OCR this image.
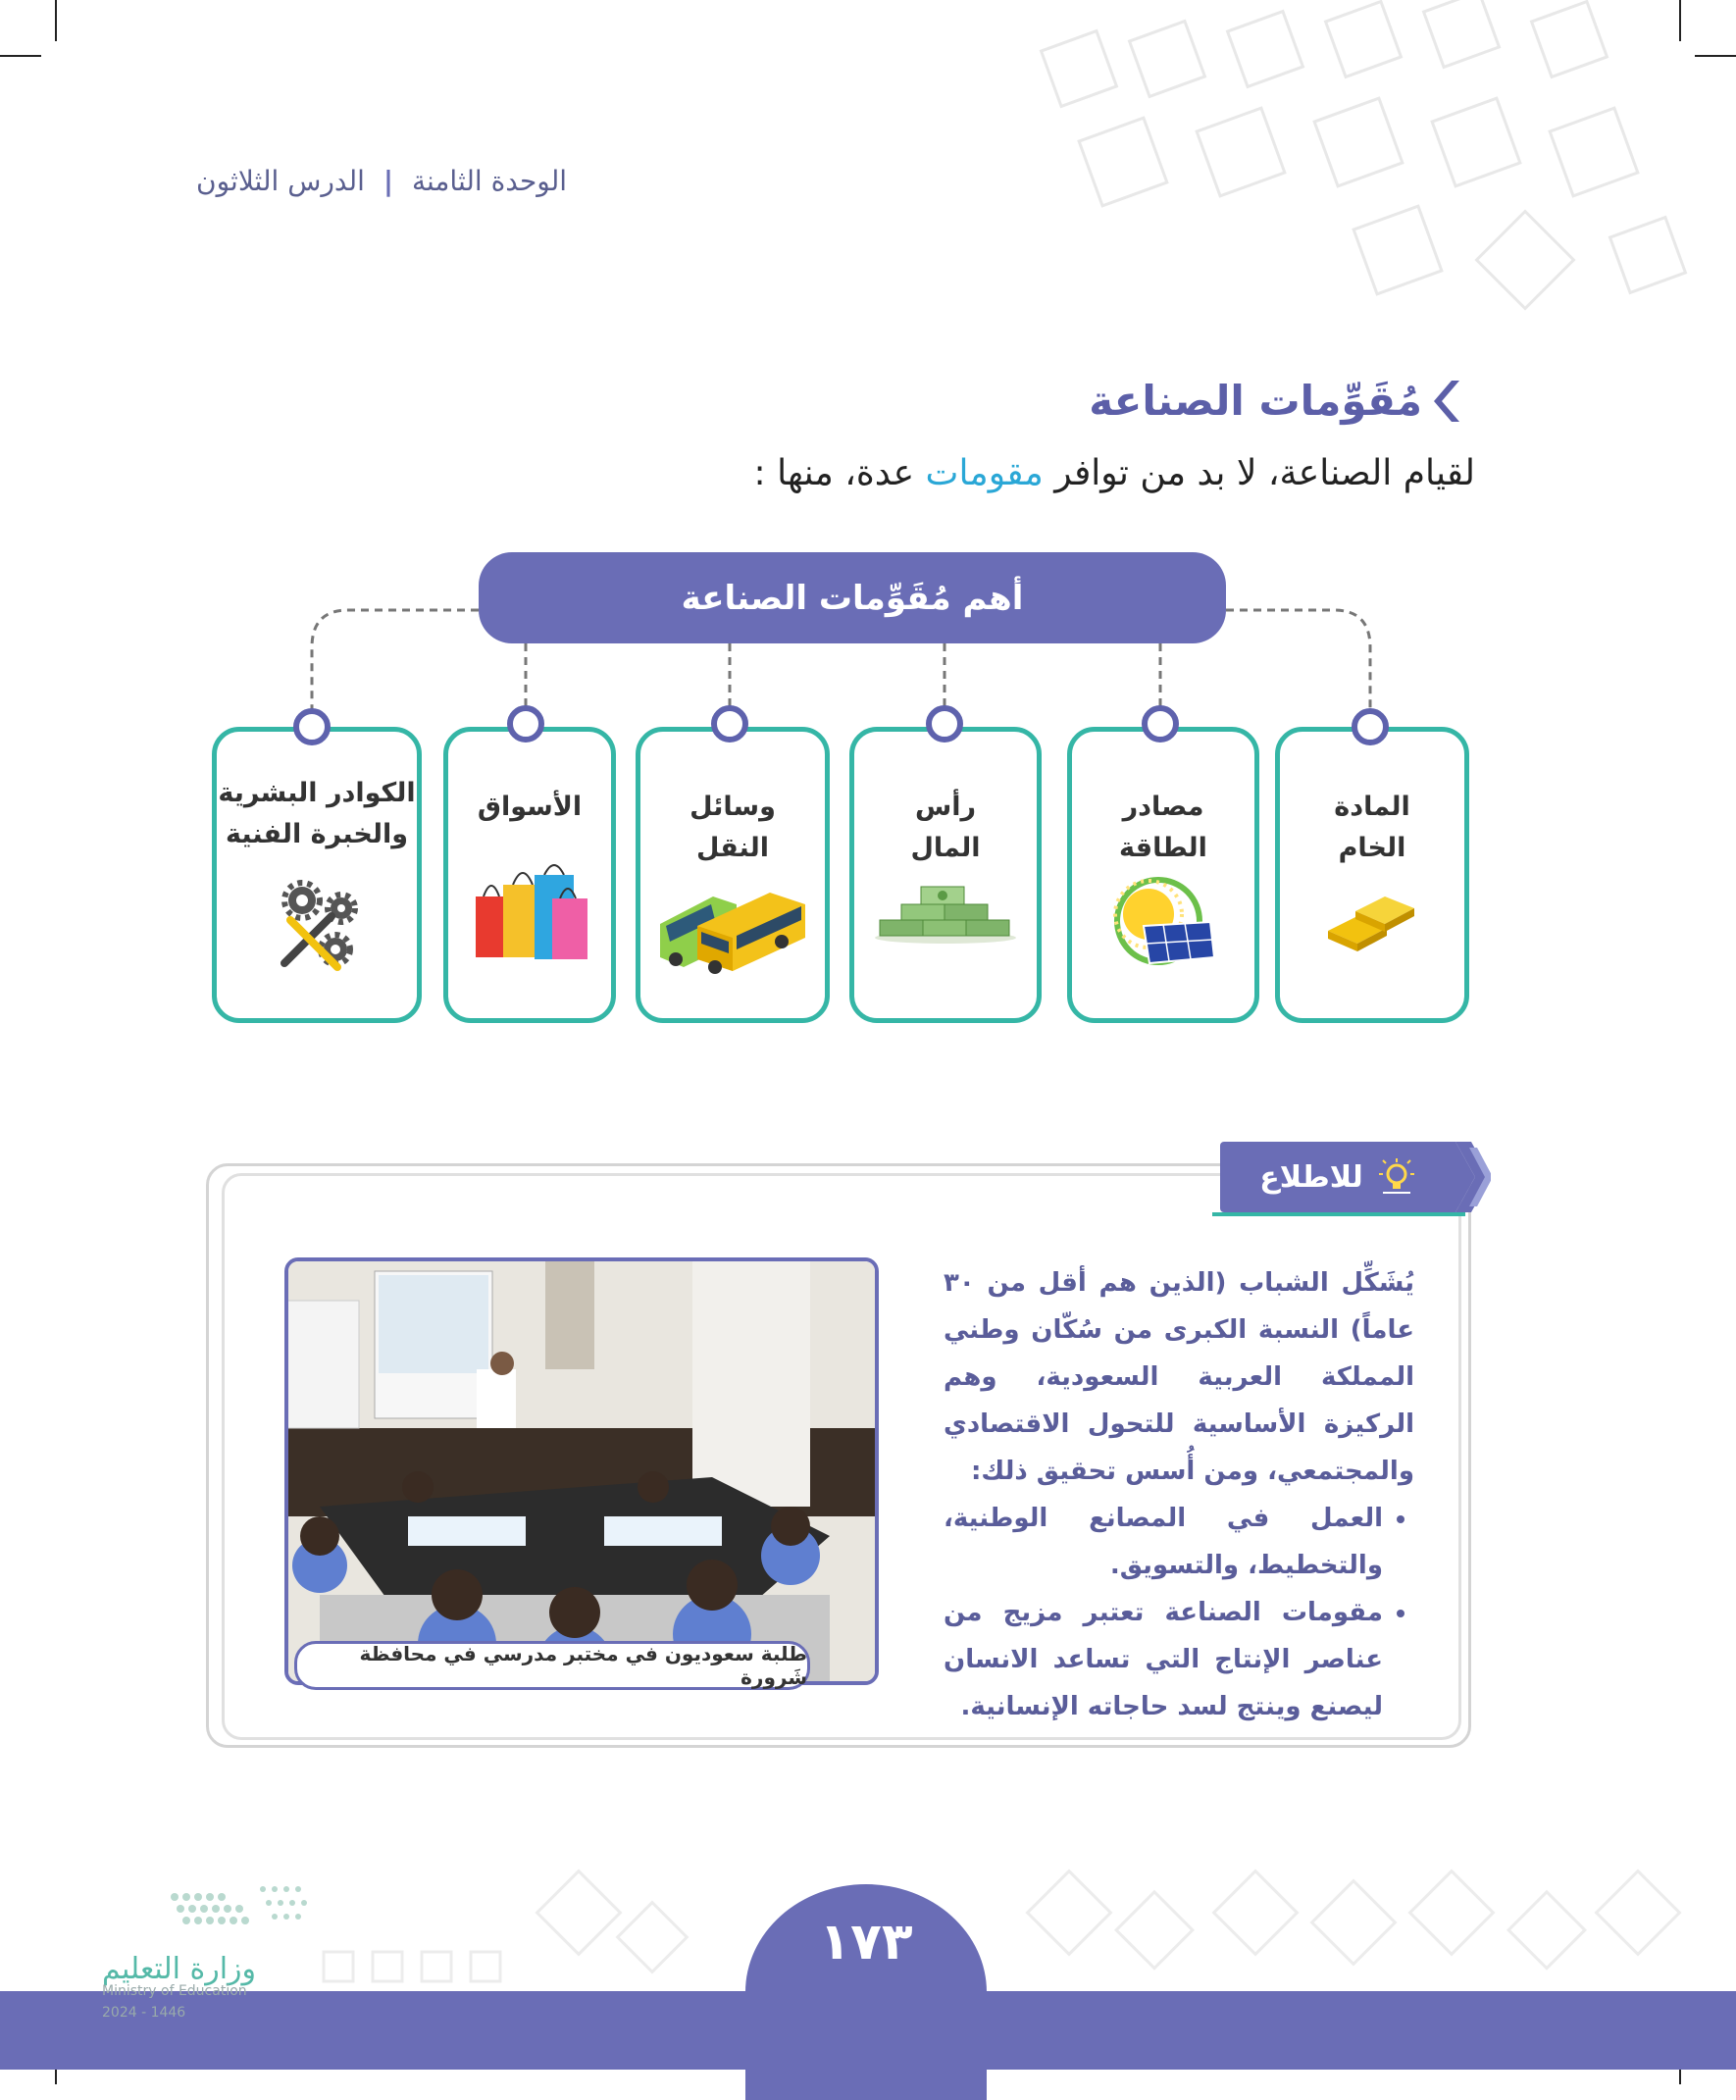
الوحدة الثامنة | الدرس الثلاثون
مُقَوِّمات الصناعة
لقيام الصناعة، لا بد من توافر مقومات عدة، منها :
أهم مُقَوِّمات الصناعة
المادة
الخام
مصادر
الطاقة
رأس
المال
وسائل
النقل
الأسواق
الكوادر البشرية
والخبرة الفنية
للاطلاع
يُشَكِّل الشباب (الذين هم أقل من ٣٠ عاماً) النسبة الكبرى من سُكّان وطني المملكة العربية السعودية، وهم الركيزة الأساسية للتحول الاقتصادي والمجتمعي، ومن أُسس تحقيق ذلك:
• العمل في المصانع الوطنية، والتخطيط، والتسويق.
• مقومات الصناعة تعتبر مزيج من عناصر الإنتاج التي تساعد الانسان ليصنع وينتج لسد حاجاته الإنسانية.
طلبة سعوديون في مختبر مدرسي في محافظة شَرورة
١٧٣
وزارة التعليم
Ministry of Education
2024 - 1446
